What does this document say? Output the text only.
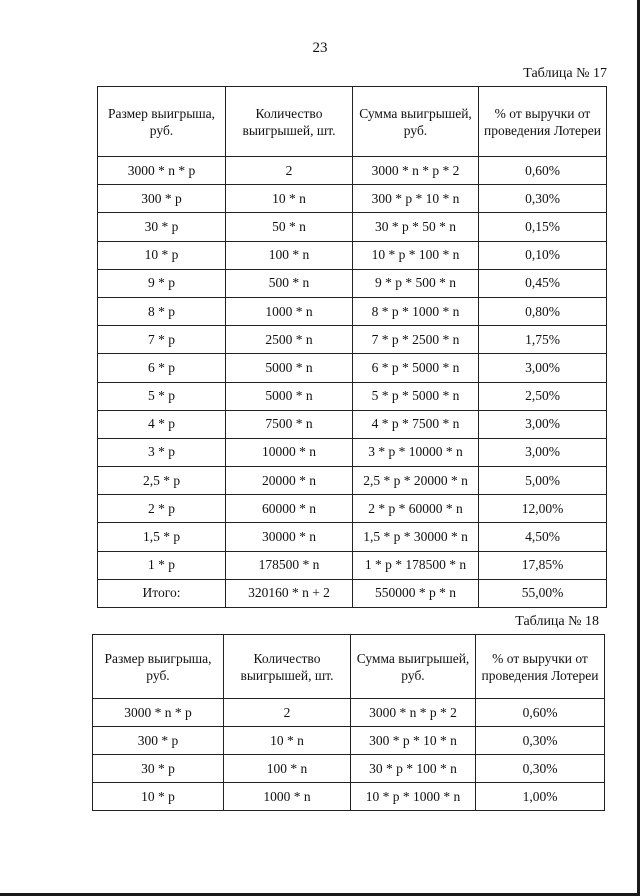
23
Таблица № 17
Размер выигрыша, руб.	Количество выигрышей, шт.	Сумма выигрышей, руб.	% от выручки от проведения Лотереи
3000 * n * p	2	3000 * n * p * 2	0,60%
300 * p	10 * n	300 * p * 10 * n	0,30%
30 * p	50 * n	30 * p * 50 * n	0,15%
10 * p	100 * n	10 * p * 100 * n	0,10%
9 * p	500 * n	9 * p * 500 * n	0,45%
8 * p	1000 * n	8 * p * 1000 * n	0,80%
7 * p	2500 * n	7 * p * 2500 * n	1,75%
6 * p	5000 * n	6 * p * 5000 * n	3,00%
5 * p	5000 * n	5 * p * 5000 * n	2,50%
4 * p	7500 * n	4 * p * 7500 * n	3,00%
3 * p	10000 * n	3 * p * 10000 * n	3,00%
2,5 * p	20000 * n	2,5 * p * 20000 * n	5,00%
2 * p	60000 * n	2 * p * 60000 * n	12,00%
1,5 * p	30000 * n	1,5 * p * 30000 * n	4,50%
1 * p	178500 * n	1 * p * 178500 * n	17,85%
Итого:	320160 * n + 2	550000 * p * n	55,00%
Таблица № 18
Размер выигрыша, руб.	Количество выигрышей, шт.	Сумма выигрышей, руб.	% от выручки от проведения Лотереи
3000 * n * p	2	3000 * n * p * 2	0,60%
300 * p	10 * n	300 * p * 10 * n	0,30%
30 * p	100 * n	30 * p * 100 * n	0,30%
10 * p	1000 * n	10 * p * 1000 * n	1,00%
